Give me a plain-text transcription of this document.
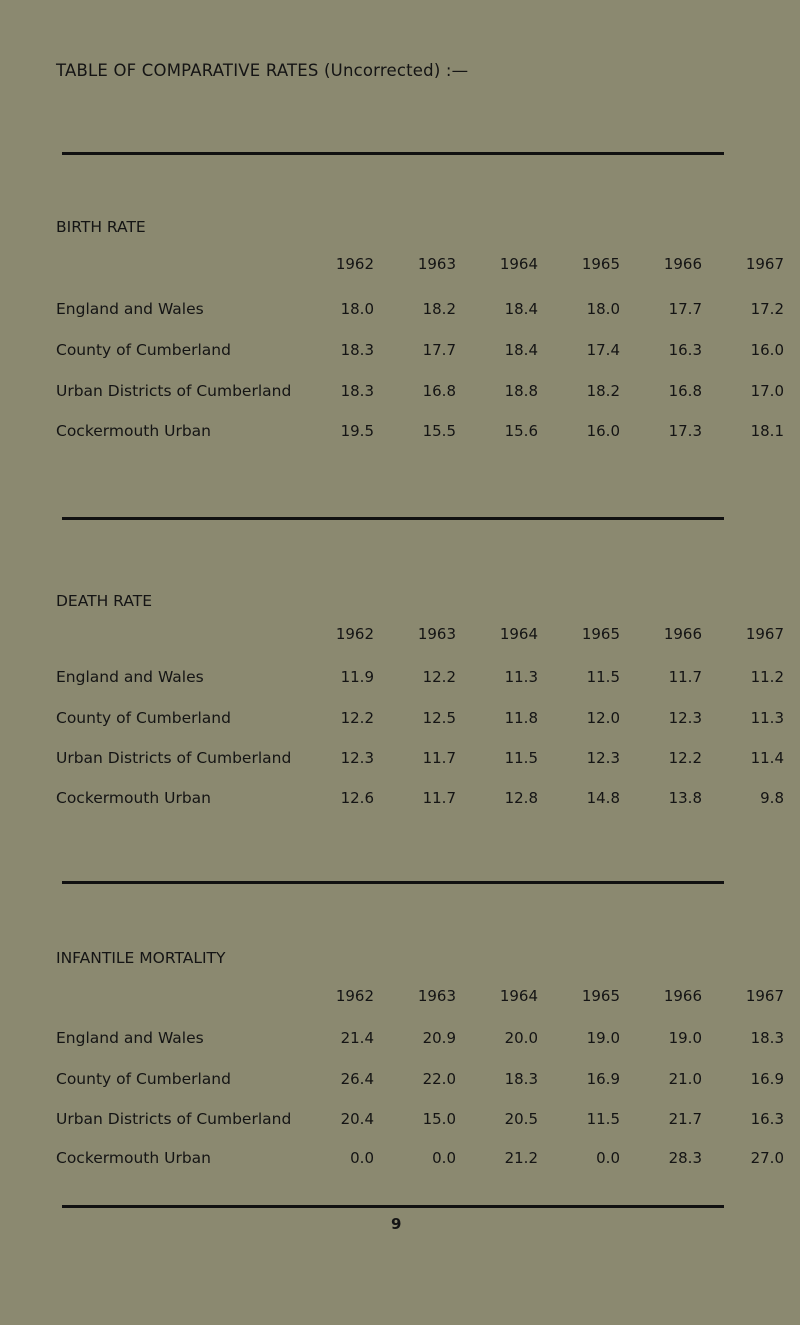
TABLE OF COMPARATIVE RATES (Uncorrected) :—
BIRTH RATE
1962	1963	1964	1965	1966	1967
England and Wales	18.0	18.2	18.4	18.0	17.7	17.2
County of Cumberland	18.3	17.7	18.4	17.4	16.3	16.0
Urban Districts of Cumberland	18.3	16.8	18.8	18.2	16.8	17.0
Cockermouth Urban	19.5	15.5	15.6	16.0	17.3	18.1
DEATH RATE
1962	1963	1964	1965	1966	1967
England and Wales	11.9	12.2	11.3	11.5	11.7	11.2
County of Cumberland	12.2	12.5	11.8	12.0	12.3	11.3
Urban Districts of Cumberland	12.3	11.7	11.5	12.3	12.2	11.4
Cockermouth Urban	12.6	11.7	12.8	14.8	13.8	9.8
INFANTILE MORTALITY
1962	1963	1964	1965	1966	1967
England and Wales	21.4	20.9	20.0	19.0	19.0	18.3
County of Cumberland	26.4	22.0	18.3	16.9	21.0	16.9
Urban Districts of Cumberland	20.4	15.0	20.5	11.5	21.7	16.3
Cockermouth Urban	0.0	0.0	21.2	0.0	28.3	27.0
9
